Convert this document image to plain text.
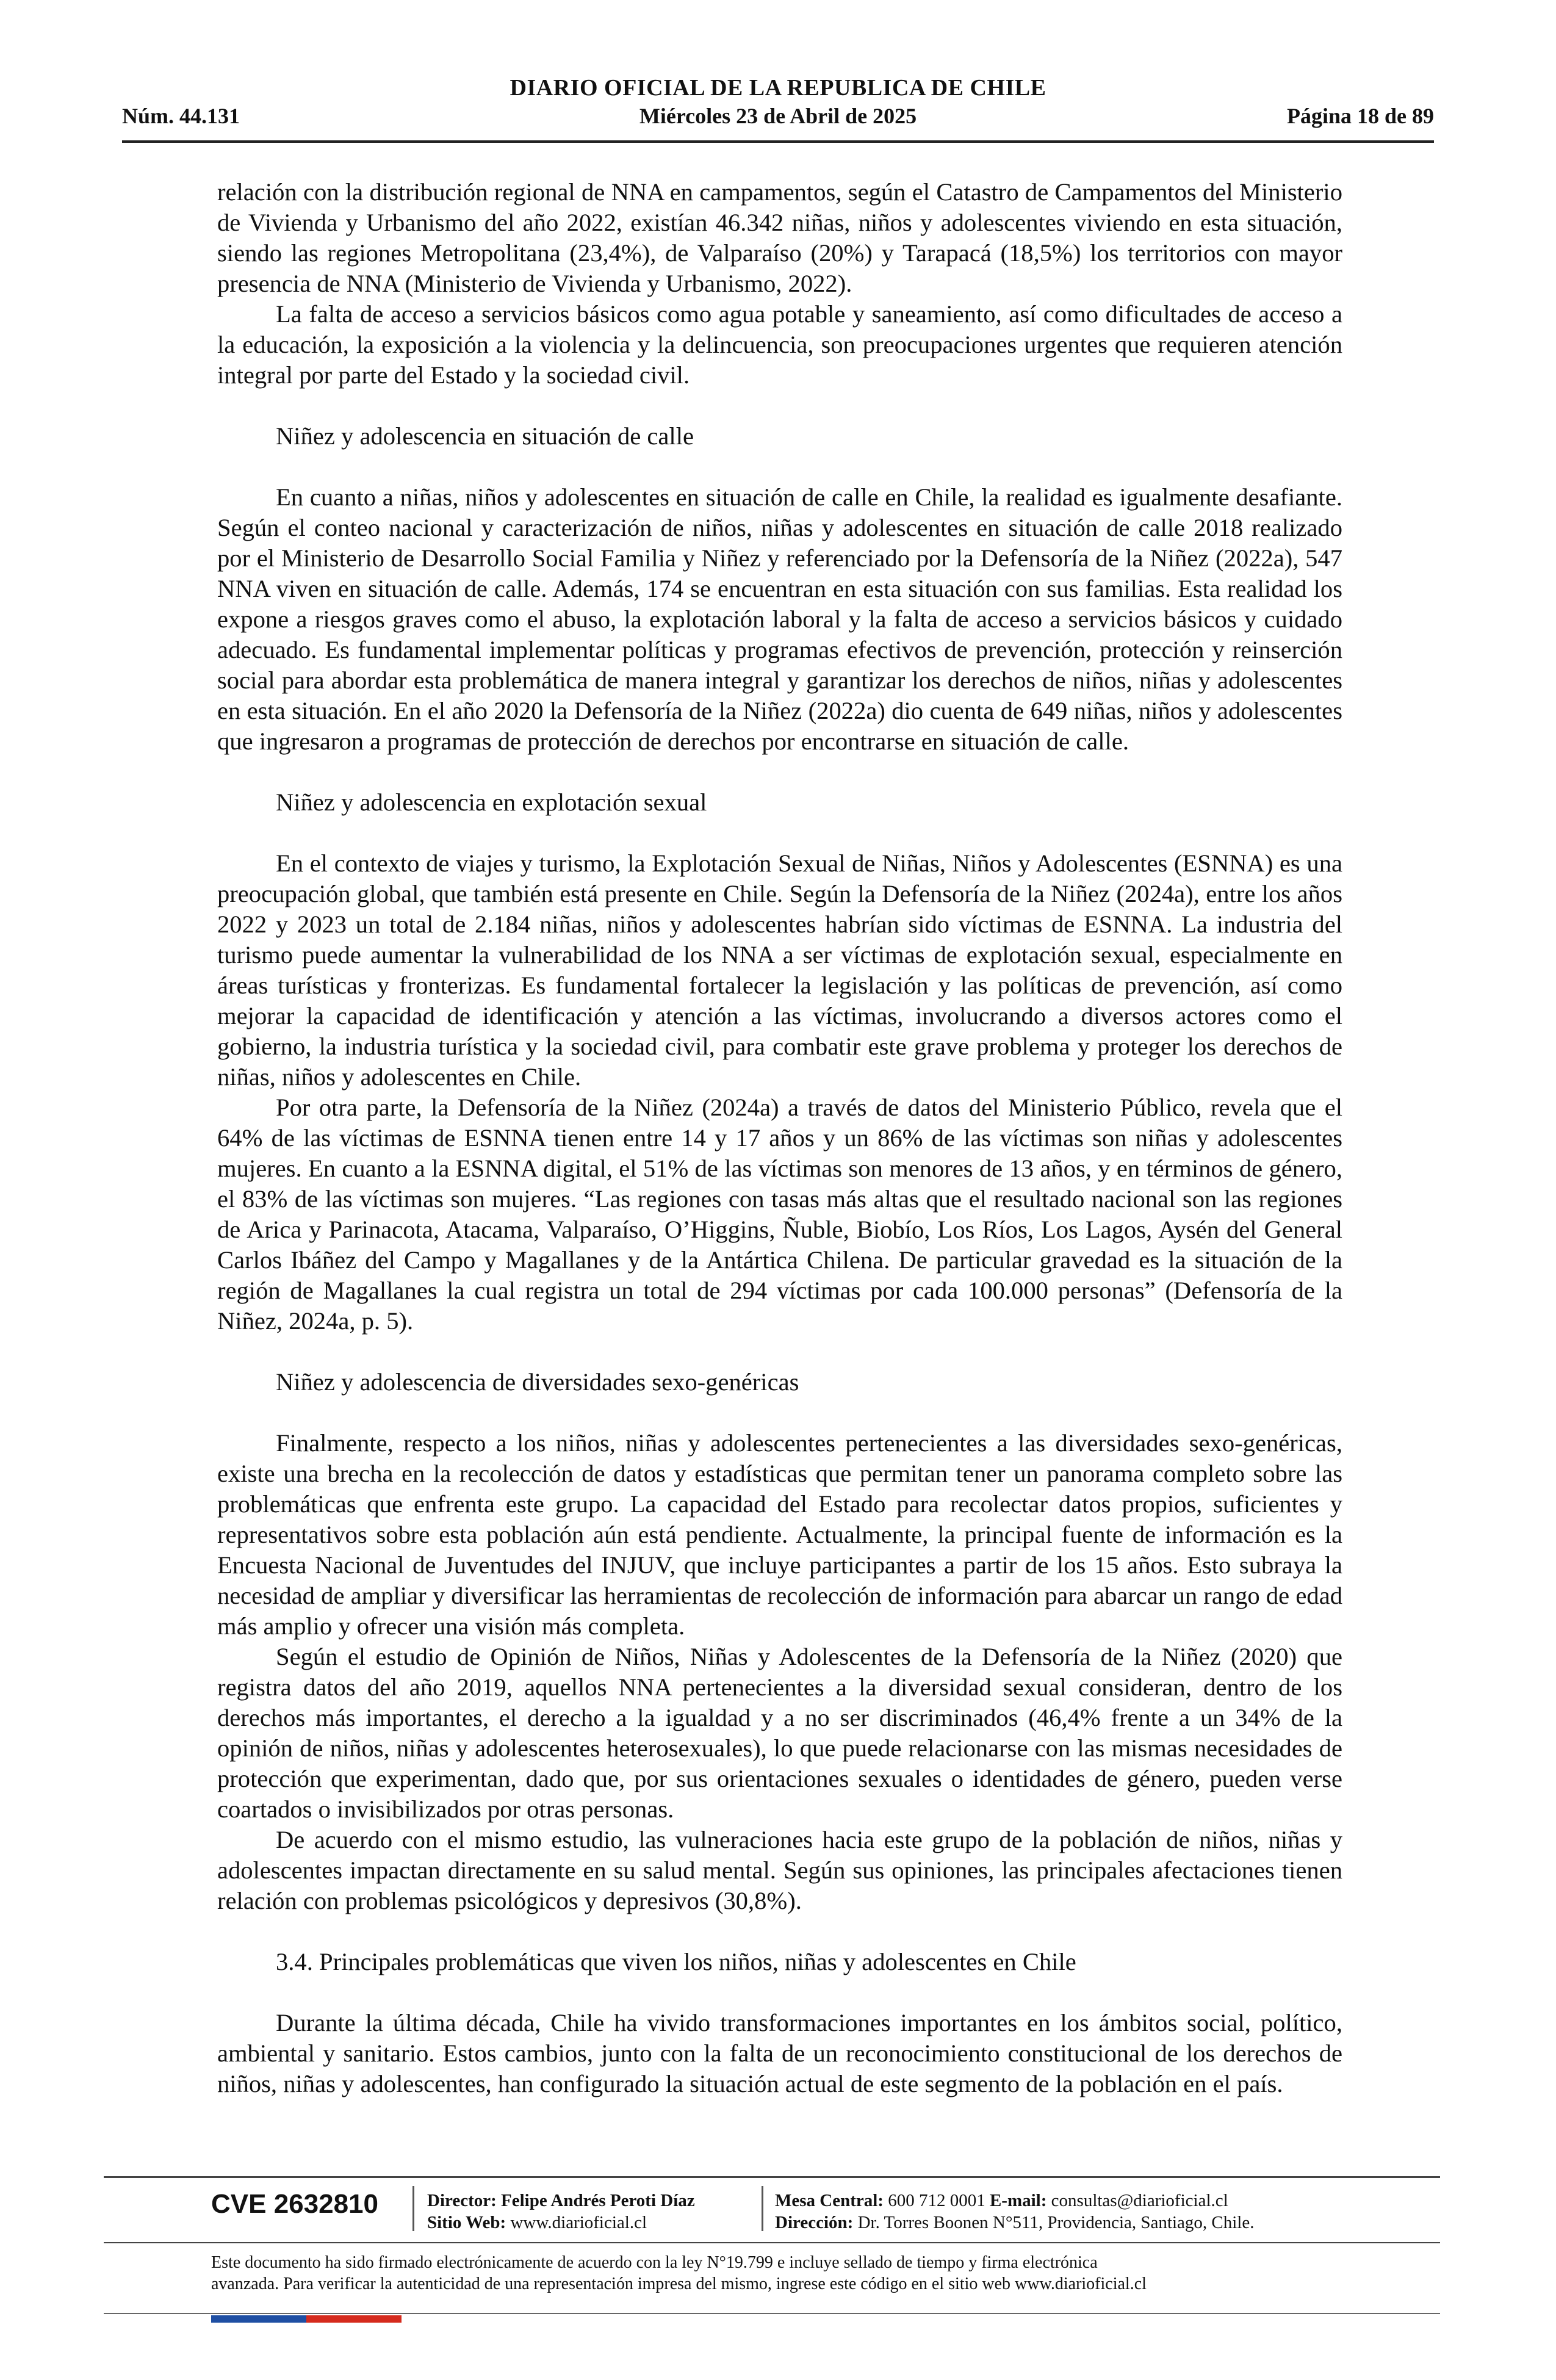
DIARIO OFICIAL DE LA REPUBLICA DE CHILE
Núm. 44.131	Miércoles 23 de Abril de 2025	Página 18 de 89

relación con la distribución regional de NNA en campamentos, según el Catastro de Campamentos del Ministerio de Vivienda y Urbanismo del año 2022, existían 46.342 niñas, niños y adolescentes viviendo en esta situación, siendo las regiones Metropolitana (23,4%), de Valparaíso (20%) y Tarapacá (18,5%) los territorios con mayor presencia de NNA (Ministerio de Vivienda y Urbanismo, 2022).

La falta de acceso a servicios básicos como agua potable y saneamiento, así como dificultades de acceso a la educación, la exposición a la violencia y la delincuencia, son preocupaciones urgentes que requieren atención integral por parte del Estado y la sociedad civil.

Niñez y adolescencia en situación de calle

En cuanto a niñas, niños y adolescentes en situación de calle en Chile, la realidad es igualmente desafiante. Según el conteo nacional y caracterización de niños, niñas y adolescentes en situación de calle 2018 realizado por el Ministerio de Desarrollo Social Familia y Niñez y referenciado por la Defensoría de la Niñez (2022a), 547 NNA viven en situación de calle. Además, 174 se encuentran en esta situación con sus familias. Esta realidad los expone a riesgos graves como el abuso, la explotación laboral y la falta de acceso a servicios básicos y cuidado adecuado. Es fundamental implementar políticas y programas efectivos de prevención, protección y reinserción social para abordar esta problemática de manera integral y garantizar los derechos de niños, niñas y adolescentes en esta situación. En el año 2020 la Defensoría de la Niñez (2022a) dio cuenta de 649 niñas, niños y adolescentes que ingresaron a programas de protección de derechos por encontrarse en situación de calle.

Niñez y adolescencia en explotación sexual

En el contexto de viajes y turismo, la Explotación Sexual de Niñas, Niños y Adolescentes (ESNNA) es una preocupación global, que también está presente en Chile. Según la Defensoría de la Niñez (2024a), entre los años 2022 y 2023 un total de 2.184 niñas, niños y adolescentes habrían sido víctimas de ESNNA. La industria del turismo puede aumentar la vulnerabilidad de los NNA a ser víctimas de explotación sexual, especialmente en áreas turísticas y fronterizas. Es fundamental fortalecer la legislación y las políticas de prevención, así como mejorar la capacidad de identificación y atención a las víctimas, involucrando a diversos actores como el gobierno, la industria turística y la sociedad civil, para combatir este grave problema y proteger los derechos de niñas, niños y adolescentes en Chile.

Por otra parte, la Defensoría de la Niñez (2024a) a través de datos del Ministerio Público, revela que el 64% de las víctimas de ESNNA tienen entre 14 y 17 años y un 86% de las víctimas son niñas y adolescentes mujeres. En cuanto a la ESNNA digital, el 51% de las víctimas son menores de 13 años, y en términos de género, el 83% de las víctimas son mujeres. “Las regiones con tasas más altas que el resultado nacional son las regiones de Arica y Parinacota, Atacama, Valparaíso, O’Higgins, Ñuble, Biobío, Los Ríos, Los Lagos, Aysén del General Carlos Ibáñez del Campo y Magallanes y de la Antártica Chilena. De particular gravedad es la situación de la región de Magallanes la cual registra un total de 294 víctimas por cada 100.000 personas” (Defensoría de la Niñez, 2024a, p. 5).

Niñez y adolescencia de diversidades sexo-genéricas

Finalmente, respecto a los niños, niñas y adolescentes pertenecientes a las diversidades sexo-genéricas, existe una brecha en la recolección de datos y estadísticas que permitan tener un panorama completo sobre las problemáticas que enfrenta este grupo. La capacidad del Estado para recolectar datos propios, suficientes y representativos sobre esta población aún está pendiente. Actualmente, la principal fuente de información es la Encuesta Nacional de Juventudes del INJUV, que incluye participantes a partir de los 15 años. Esto subraya la necesidad de ampliar y diversificar las herramientas de recolección de información para abarcar un rango de edad más amplio y ofrecer una visión más completa.

Según el estudio de Opinión de Niños, Niñas y Adolescentes de la Defensoría de la Niñez (2020) que registra datos del año 2019, aquellos NNA pertenecientes a la diversidad sexual consideran, dentro de los derechos más importantes, el derecho a la igualdad y a no ser discriminados (46,4% frente a un 34% de la opinión de niños, niñas y adolescentes heterosexuales), lo que puede relacionarse con las mismas necesidades de protección que experimentan, dado que, por sus orientaciones sexuales o identidades de género, pueden verse coartados o invisibilizados por otras personas.

De acuerdo con el mismo estudio, las vulneraciones hacia este grupo de la población de niños, niñas y adolescentes impactan directamente en su salud mental. Según sus opiniones, las principales afectaciones tienen relación con problemas psicológicos y depresivos (30,8%).

3.4. Principales problemáticas que viven los niños, niñas y adolescentes en Chile

Durante la última década, Chile ha vivido transformaciones importantes en los ámbitos social, político, ambiental y sanitario. Estos cambios, junto con la falta de un reconocimiento constitucional de los derechos de niños, niñas y adolescentes, han configurado la situación actual de este segmento de la población en el país.

CVE 2632810	Director: Felipe Andrés Peroti Díaz
Sitio Web: www.diarioficial.cl
Mesa Central: 600 712 0001 E-mail: consultas@diarioficial.cl
Dirección: Dr. Torres Boonen N°511, Providencia, Santiago, Chile.
Este documento ha sido firmado electrónicamente de acuerdo con la ley N°19.799 e incluye sellado de tiempo y firma electrónica
avanzada. Para verificar la autenticidad de una representación impresa del mismo, ingrese este código en el sitio web www.diarioficial.cl
